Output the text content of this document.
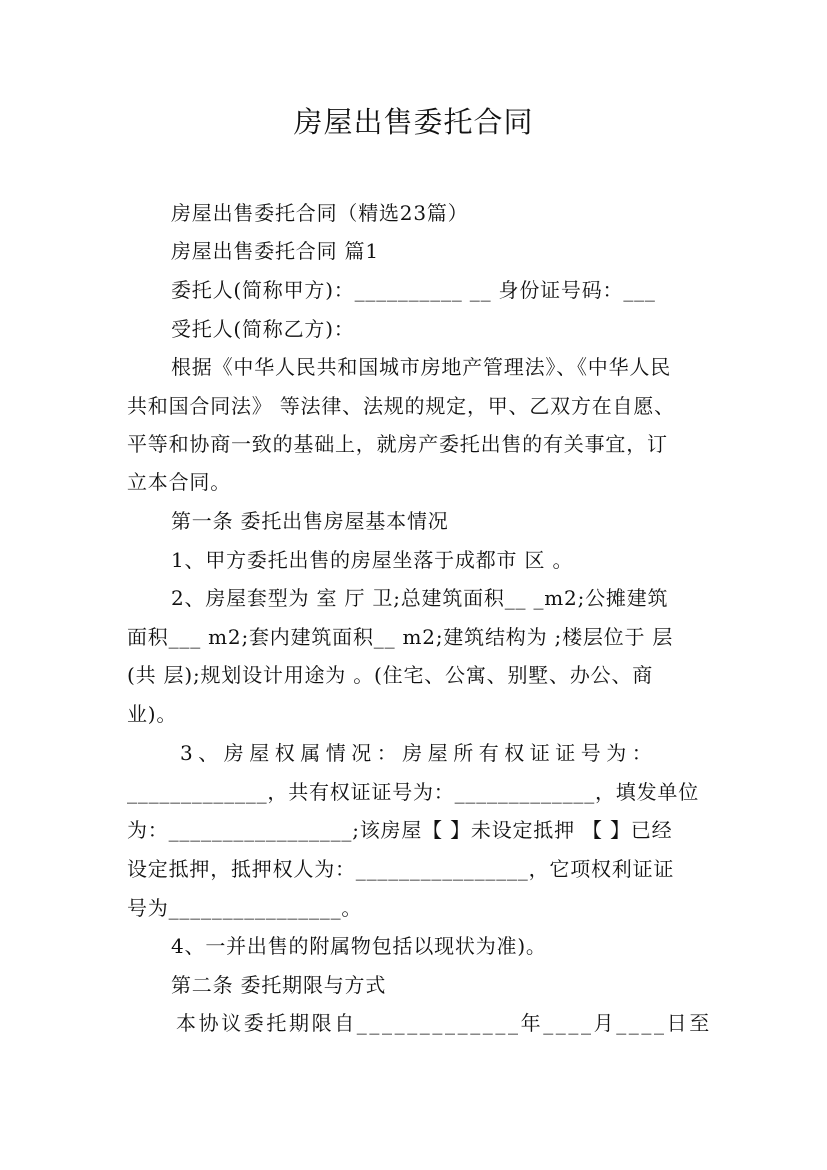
房屋出售委托合同
房屋出售委托合同（精选23篇）
房屋出售委托合同 篇1
委托人(简称甲方)：__________ __ 身份证号码：___
受托人(简称乙方)：
根据《中华人民共和国城市房地产管理法》、《中华人民
共和国合同法》 等法律、法规的规定，甲、乙双方在自愿、
平等和协商一致的基础上，就房产委托出售的有关事宜，订
立本合同。
第一条 委托出售房屋基本情况
1、甲方委托出售的房屋坐落于成都市 区 。
2、房屋套型为 室 厅 卫;总建筑面积__ _m2;公摊建筑
面积___ m2;套内建筑面积__ m2;建筑结构为 ;楼层位于 层
(共 层);规划设计用途为 。(住宅、公寓、别墅、办公、商
业)。
3、房屋权属情况：房屋所有权证证号为：
_____________，共有权证证号为：_____________，填发单位
为：_________________;该房屋【 】未设定抵押 【 】已经
设定抵押，抵押权人为：________________，它项权利证证
号为________________。
4、一并出售的附属物包括以现状为准)。
第二条 委托期限与方式
本协议委托期限自_____________年____月____日至
